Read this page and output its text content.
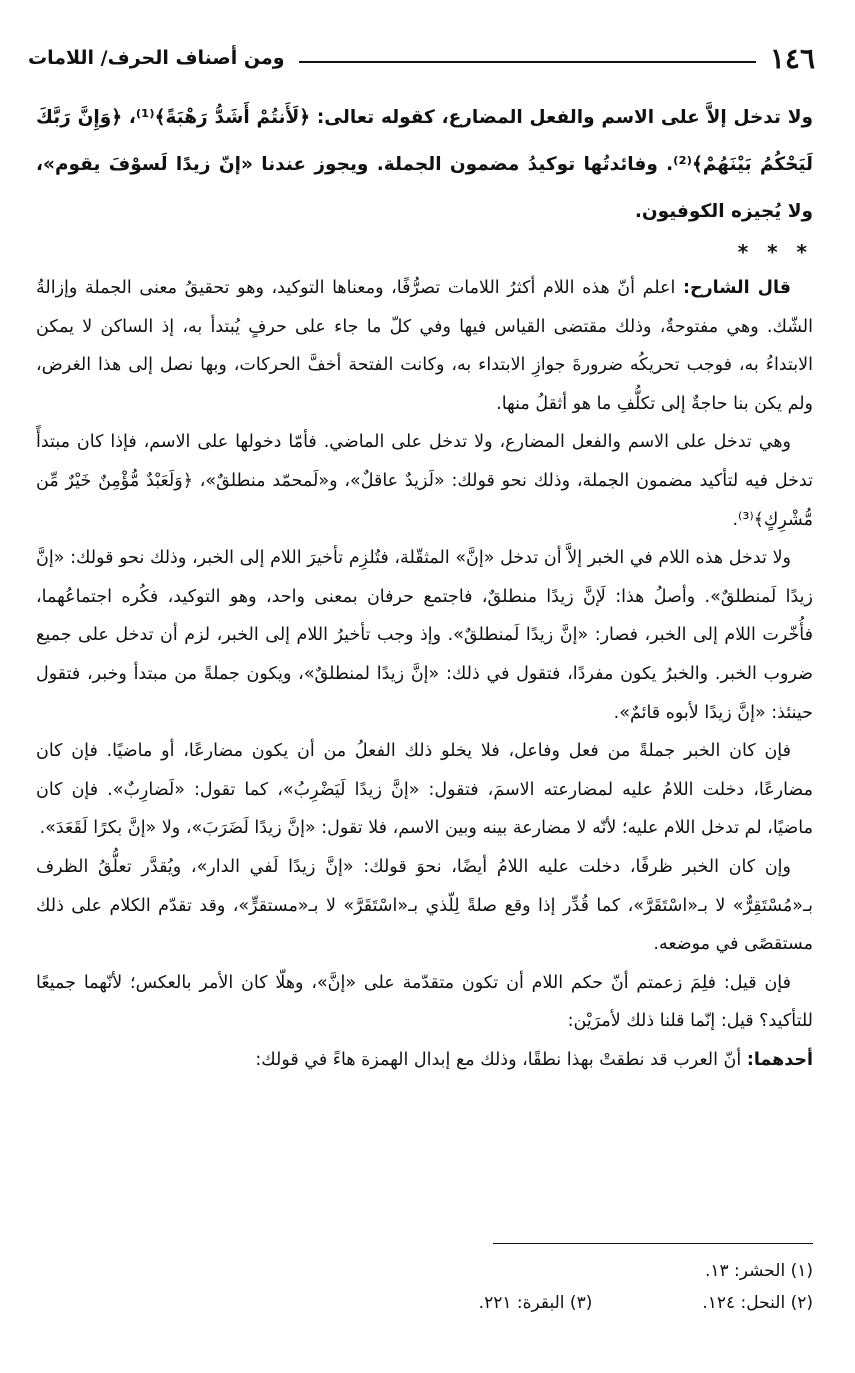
١٤٦
ومن أصناف الحرف/ اللامات

ولا تدخل إلاَّ على الاسم والفعل المضارع، كقوله تعالى: ﴿لَأَنتُمْ أَشَدُّ رَهْبَةً﴾⁽¹⁾، ﴿وَإِنَّ رَبَّكَ لَيَحْكُمُ بَيْنَهُمْ﴾⁽²⁾. وفائدتُها توكيدُ مضمون الجملة. ويجوز عندنا «إنّ زيدًا لَسوْفَ يقوم»، ولا يُجيزه الكوفيون.

* * *

قال الشارح: اعلم أنّ هذه اللام أكثرُ اللامات تصرُّفًا، ومعناها التوكيد، وهو تحقيقُ معنى الجملة وإزالةُ الشّك. وهي مفتوحةٌ، وذلك مقتضى القياس فيها وفي كلّ ما جاء على حرفٍ يُبتدأ به، إذ الساكن لا يمكن الابتداءُ به، فوجب تحريكُه ضرورةَ جوازِ الابتداء به، وكانت الفتحة أخفَّ الحركات، وبها نصل إلى هذا الغرض، ولم يكن بنا حاجةٌ إلى تكلُّفِ ما هو أثقلُ منها.

وهي تدخل على الاسم والفعل المضارع، ولا تدخل على الماضي. فأمّا دخولها على الاسم، فإذا كان مبتدأً تدخل فيه لتأكيد مضمون الجملة، وذلك نحو قولك: «لَزيدٌ عاقلٌ»، و«لَمحمّد منطلقٌ»، ﴿وَلَعَبْدٌ مُّؤْمِنٌ خَيْرٌ مِّن مُّشْرِكٍ﴾⁽³⁾.

ولا تدخل هذه اللام في الخبر إلاَّ أن تدخل «إنَّ» المثقّلة، فتُلزِم تأخيرَ اللام إلى الخبر، وذلك نحو قولك: «إنَّ زيدًا لَمنطلقٌ». وأصلُ هذا: لَإنَّ زيدًا منطلقٌ، فاجتمع حرفان بمعنى واحد، وهو التوكيد، فكُره اجتماعُهما، فأُخّرت اللام إلى الخبر، فصار: «إنَّ زيدًا لَمنطلقٌ». وإذ وجب تأخيرُ اللام إلى الخبر، لزم أن تدخل على جميع ضروب الخبر. والخبرُ يكون مفردًا، فتقول في ذلك: «إنَّ زيدًا لمنطلقٌ»، ويكون جملةً من مبتدأ وخبر، فتقول حينئذ: «إنَّ زيدًا لأبوه قائمٌ».

فإن كان الخبر جملةً من فعل وفاعل، فلا يخلو ذلك الفعلُ من أن يكون مضارعًا، أو ماضيًا. فإن كان مضارعًا، دخلت اللامُ عليه لمضارعته الاسمَ، فتقول: «إنَّ زيدًا لَيَضْرِبُ»، كما تقول: «لَضارِبٌ». فإن كان ماضيًا، لم تدخل اللام عليه؛ لأنّه لا مضارعة بينه وبين الاسم، فلا تقول: «إنَّ زيدًا لَضَرَبَ»، ولا «إنَّ بكرًا لَقَعَدَ».

وإن كان الخبر ظرفًا، دخلت عليه اللامُ أيضًا، نحوَ قولك: «إنَّ زيدًا لَفي الدار»، ويُقدَّر تعلُّقُ الظرف بـ«مُسْتَقِرٌّ» لا بـ«اسْتَقَرَّ»، كما قُدِّر إذا وقع صلةً لِلّذي بـ«اسْتَقَرَّ» لا بـ«مستقرٍّ»، وقد تقدّم الكلام على ذلك مستقصًى في موضعه.

فإن قيل: فلِمَ زعمتم أنّ حكم اللام أن تكون متقدّمة على «إنَّ»، وهلّا كان الأمر بالعكس؛ لأنّهما جميعًا للتأكيد؟ قيل: إنّما قلنا ذلك لأمرَيْن:

أحدهما: أنّ العرب قد نطقتْ بهذا نطقًا، وذلك مع إبدال الهمزة هاءً في قولك:

(١) الحشر: ١٣.
(٢) النحل: ١٢٤.
(٣) البقرة: ٢٢١.
